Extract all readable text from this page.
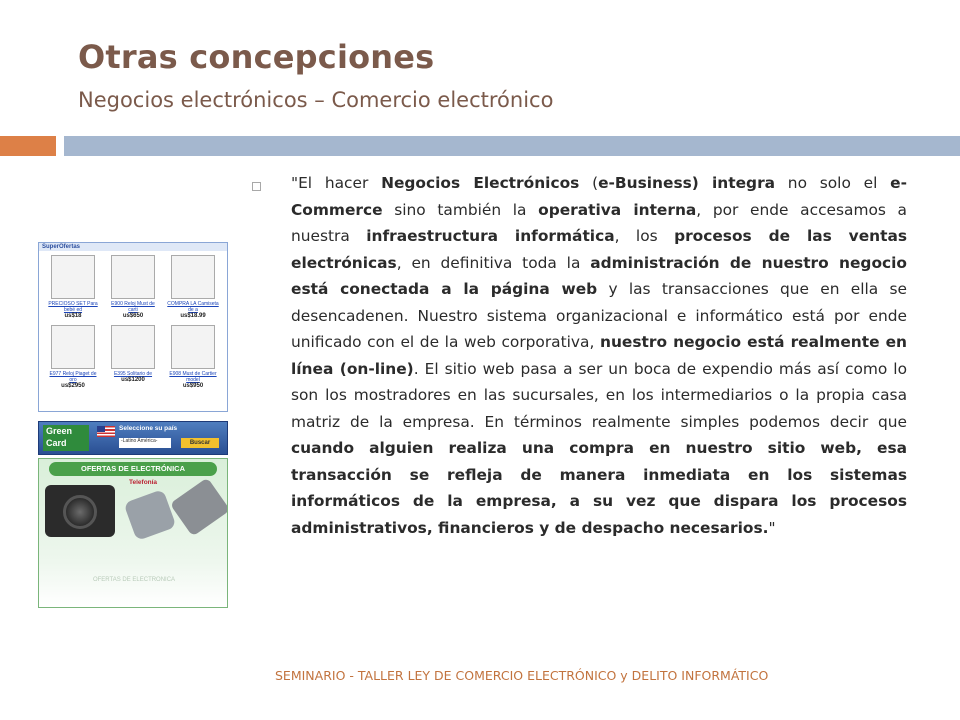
Otras concepciones
Negocios electrónicos – Comercio electrónico
SuperOfertas
PRECIOSO SET Para bebé ed
us$18
E900 Reloj Must de carti
us$650
COMPRA LA Camiseta de a
us$18.99
E977 Reloj Piaget de oro
us$2950
E395 Solitario de
us$1200
E908 Must de Cartier model
us$950
Green Card
Seleccione su país
-Latino América-	Buscar
OFERTAS DE ELECTRÓNICA
Telefonía
OFERTAS DE ELECTRÓNICA
"El hacer Negocios Electrónicos (e-Business) integra no solo el e-Commerce sino también la operativa interna, por ende accesamos a nuestra infraestructura informática, los procesos de las ventas electrónicas, en definitiva toda la administración de nuestro negocio está conectada a la página web y las transacciones que en ella se desencadenen. Nuestro sistema organizacional e informático está por ende unificado con el de la web corporativa, nuestro negocio está realmente en línea (on-line). El sitio web pasa a ser un boca de expendio más así como lo son los mostradores en las sucursales, en los intermediarios o la propia casa matriz de la empresa. En términos realmente simples podemos decir que cuando alguien realiza una compra en nuestro sitio web, esa transacción se refleja de manera inmediata en los sistemas informáticos de la empresa, a su vez que dispara los procesos administrativos, financieros y de despacho necesarios."
SEMINARIO - TALLER LEY DE COMERCIO ELECTRÓNICO y DELITO INFORMÁTICO
